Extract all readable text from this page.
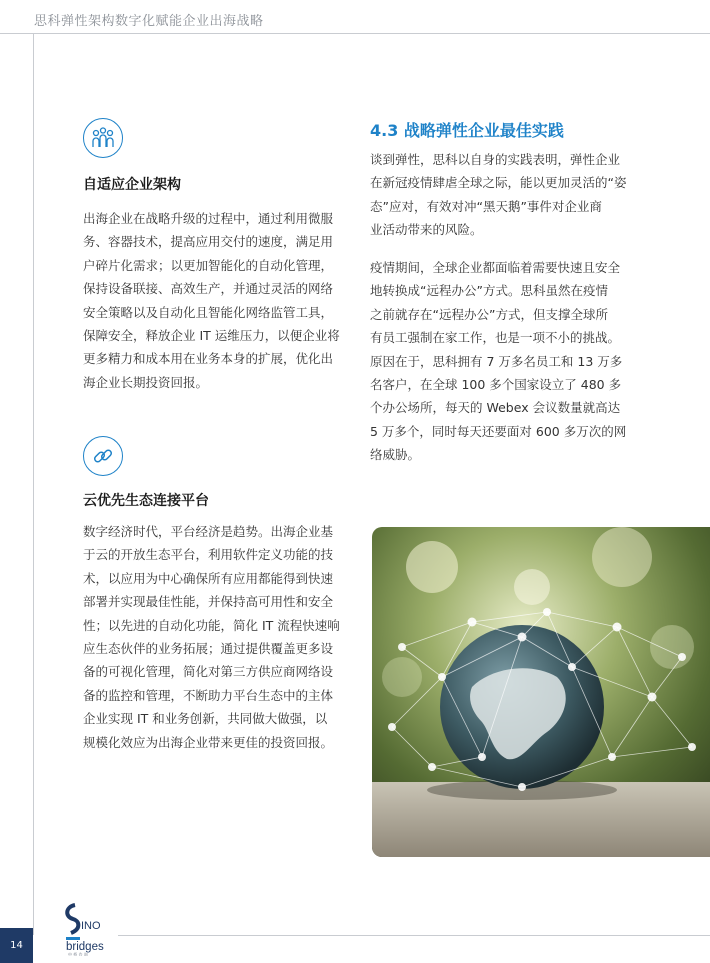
思科弹性架构数字化赋能企业出海战略
自适应企业架构
出海企业在战略升级的过程中，通过利用微服
务、容器技术，提高应用交付的速度，满足用
户碎片化需求；以更加智能化的自动化管理，
保持设备联接、高效生产，并通过灵活的网络
安全策略以及自动化且智能化网络监管工具，
保障安全，释放企业 IT 运维压力，以便企业将
更多精力和成本用在业务本身的扩展，优化出
海企业长期投资回报。
云优先生态连接平台
数字经济时代，平台经济是趋势。出海企业基
于云的开放生态平台，利用软件定义功能的技
术，以应用为中心确保所有应用都能得到快速
部署并实现最佳性能，并保持高可用性和安全
性；以先进的自动化功能，简化 IT 流程快速响
应生态伙伴的业务拓展；通过提供覆盖更多设
备的可视化管理，简化对第三方供应商网络设
备的监控和管理，不断助力平台生态中的主体
企业实现 IT 和业务创新，共同做大做强，以
规模化效应为出海企业带来更佳的投资回报。
4.3 战略弹性企业最佳实践
谈到弹性，思科以自身的实践表明，弹性企业
在新冠疫情肆虐全球之际，能以更加灵活的“姿
态”应对，有效对冲“黑天鹅”事件对企业商
业活动带来的风险。
疫情期间，全球企业都面临着需要快速且安全
地转换成“远程办公”方式。思科虽然在疫情
之前就存在“远程办公”方式，但支撑全球所
有员工强制在家工作，也是一项不小的挑战。
原因在于，思科拥有 7 万多名员工和 13 万多
名客户，在全球 100 多个国家设立了 480 多
个办公场所，每天的 Webex 会议数量就高达
5 万多个，同时每天还要面对 600 多万次的网
络威胁。
14
INO
bridges
中 桥 咨 询
